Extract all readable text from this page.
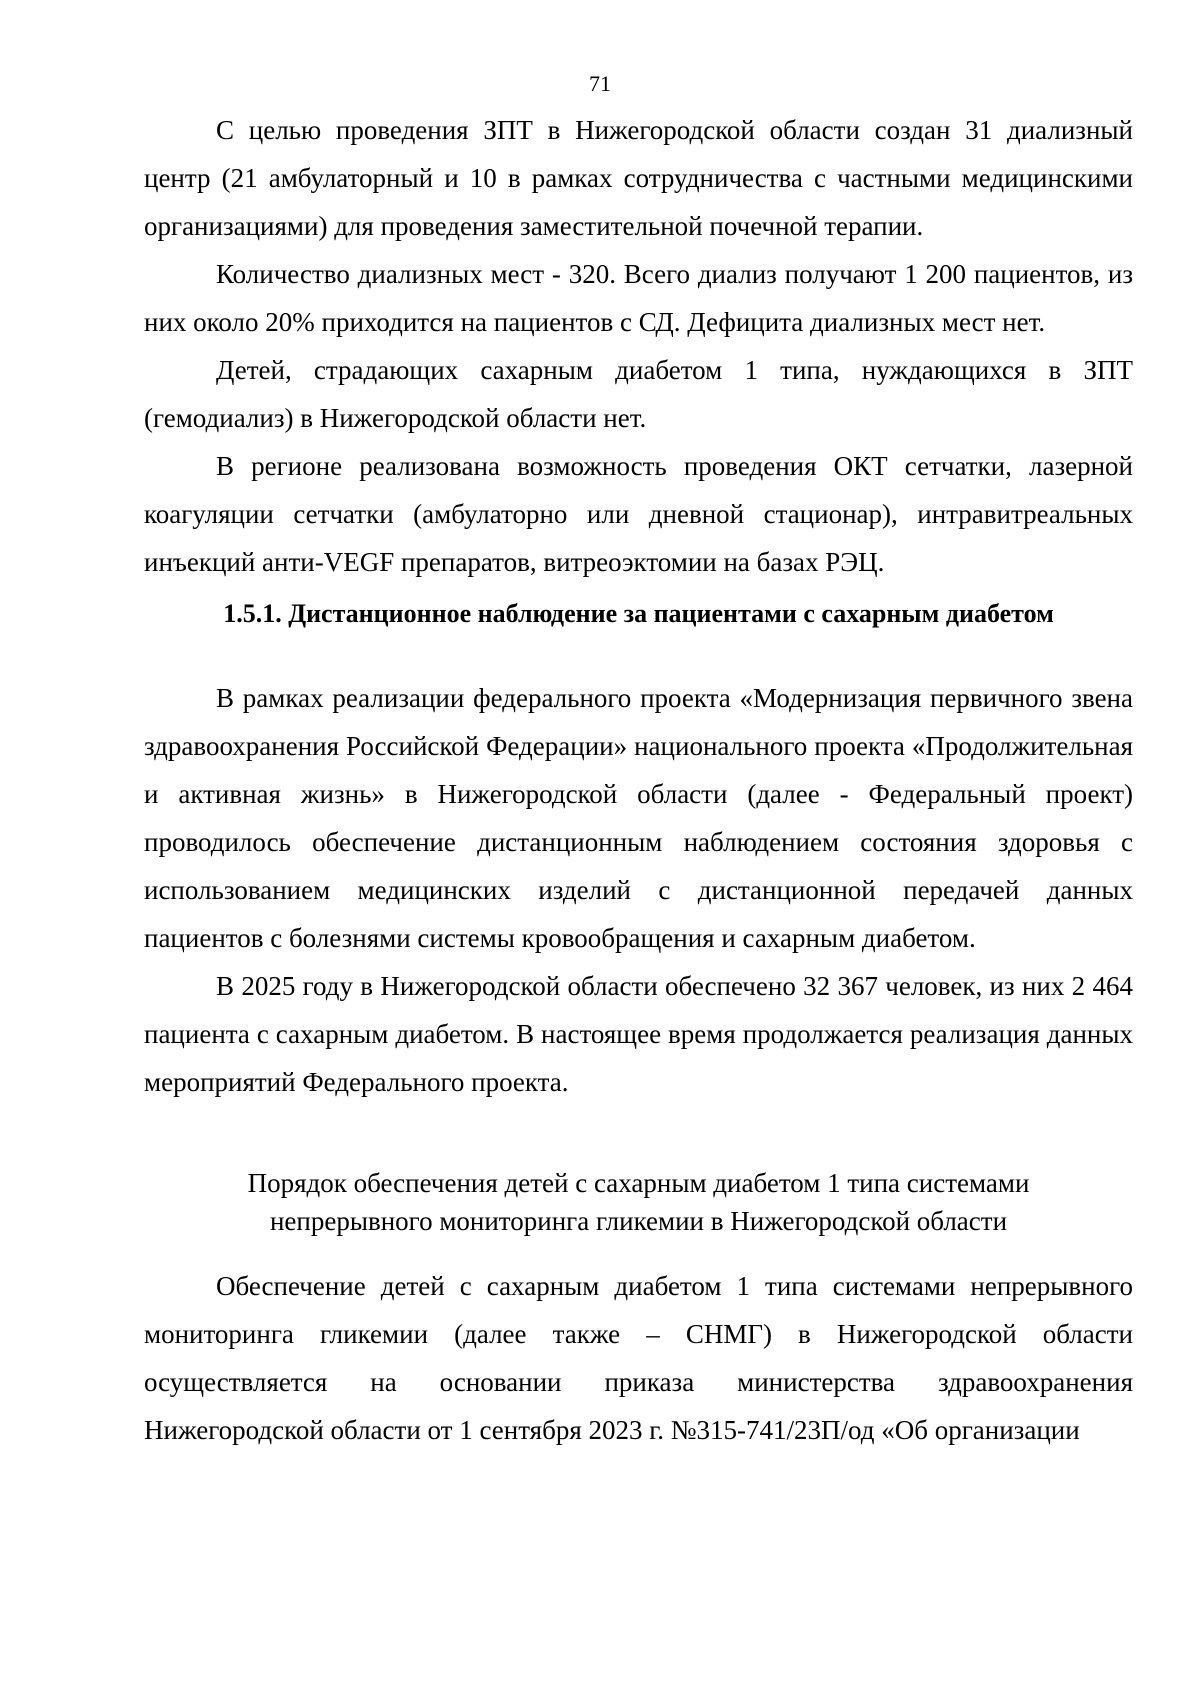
71

С целью проведения ЗПТ в Нижегородской области создан 31 диализный центр (21 амбулаторный и 10 в рамках сотрудничества с частными медицинскими организациями) для проведения заместительной почечной терапии.

Количество диализных мест - 320. Всего диализ получают 1 200 пациентов, из них около 20% приходится на пациентов с СД. Дефицита диализных мест нет.

Детей, страдающих сахарным диабетом 1 типа, нуждающихся в ЗПТ (гемодиализ) в Нижегородской области нет.

В регионе реализована возможность проведения ОКТ сетчатки, лазерной коагуляции сетчатки (амбулаторно или дневной стационар), интравитреальных инъекций анти-VEGF препаратов, витреоэктомии на базах РЭЦ.

1.5.1. Дистанционное наблюдение за пациентами с сахарным диабетом

В рамках реализации федерального проекта «Модернизация первичного звена здравоохранения Российской Федерации» национального проекта «Продолжительная и активная жизнь» в Нижегородской области (далее - Федеральный проект) проводилось обеспечение дистанционным наблюдением состояния здоровья с использованием медицинских изделий с дистанционной передачей данных пациентов с болезнями системы кровообращения и сахарным диабетом.

В 2025 году в Нижегородской области обеспечено 32 367 человек, из них 2 464 пациента с сахарным диабетом. В настоящее время продолжается реализация данных мероприятий Федерального проекта.

Порядок обеспечения детей с сахарным диабетом 1 типа системами
непрерывного мониторинга гликемии в Нижегородской области

Обеспечение детей с сахарным диабетом 1 типа системами непрерывного мониторинга гликемии (далее также – СНМГ) в Нижегородской области осуществляется на основании приказа министерства здравоохранения Нижегородской области от 1 сентября 2023 г. №315-741/23П/од «Об организации
